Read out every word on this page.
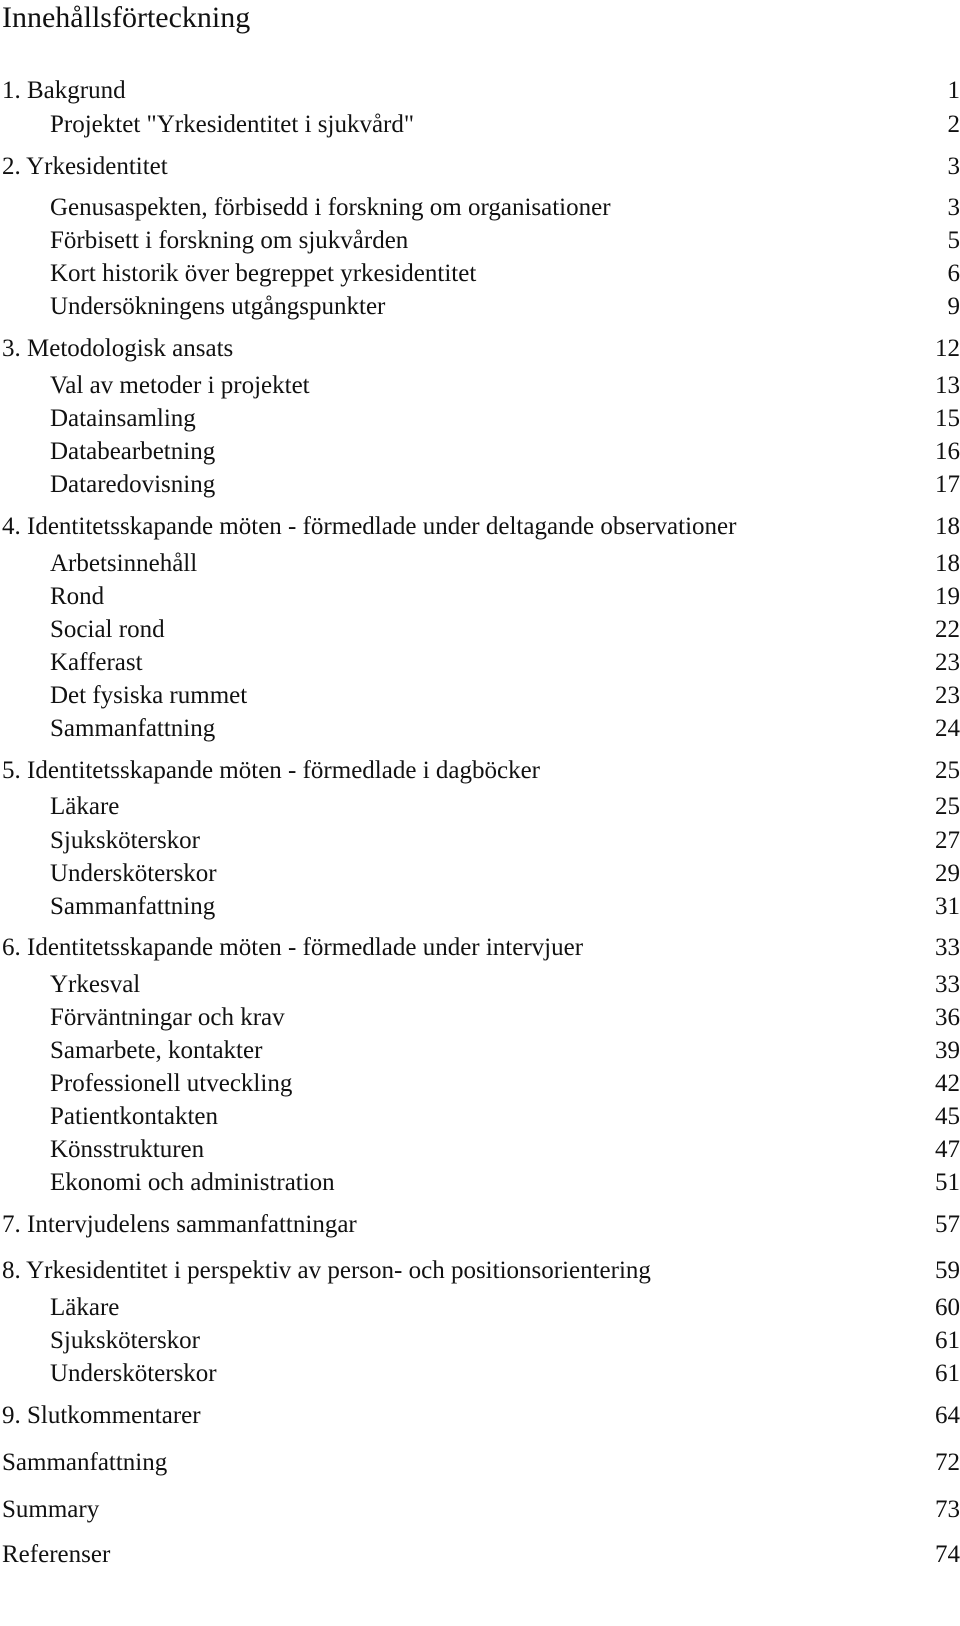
Innehållsförteckning
1. Bakgrund	1
Projektet "Yrkesidentitet i sjukvård"	2
2. Yrkesidentitet	3
Genusaspekten, förbisedd i forskning om organisationer	3
Förbisett i forskning om sjukvården	5
Kort historik över begreppet yrkesidentitet	6
Undersökningens utgångspunkter	9
3. Metodologisk ansats	12
Val av metoder i projektet	13
Datainsamling	15
Databearbetning	16
Dataredovisning	17
4. Identitetsskapande möten - förmedlade under deltagande observationer	18
Arbetsinnehåll	18
Rond	19
Social rond	22
Kafferast	23
Det fysiska rummet	23
Sammanfattning	24
5. Identitetsskapande möten - förmedlade i dagböcker	25
Läkare	25
Sjuksköterskor	27
Undersköterskor	29
Sammanfattning	31
6. Identitetsskapande möten - förmedlade under intervjuer	33
Yrkesval	33
Förväntningar och krav	36
Samarbete, kontakter	39
Professionell utveckling	42
Patientkontakten	45
Könsstrukturen	47
Ekonomi och administration	51
7. Intervjudelens sammanfattningar	57
8. Yrkesidentitet i perspektiv av person- och positionsorientering	59
Läkare	60
Sjuksköterskor	61
Undersköterskor	61
9. Slutkommentarer	64
Sammanfattning	72
Summary	73
Referenser	74
